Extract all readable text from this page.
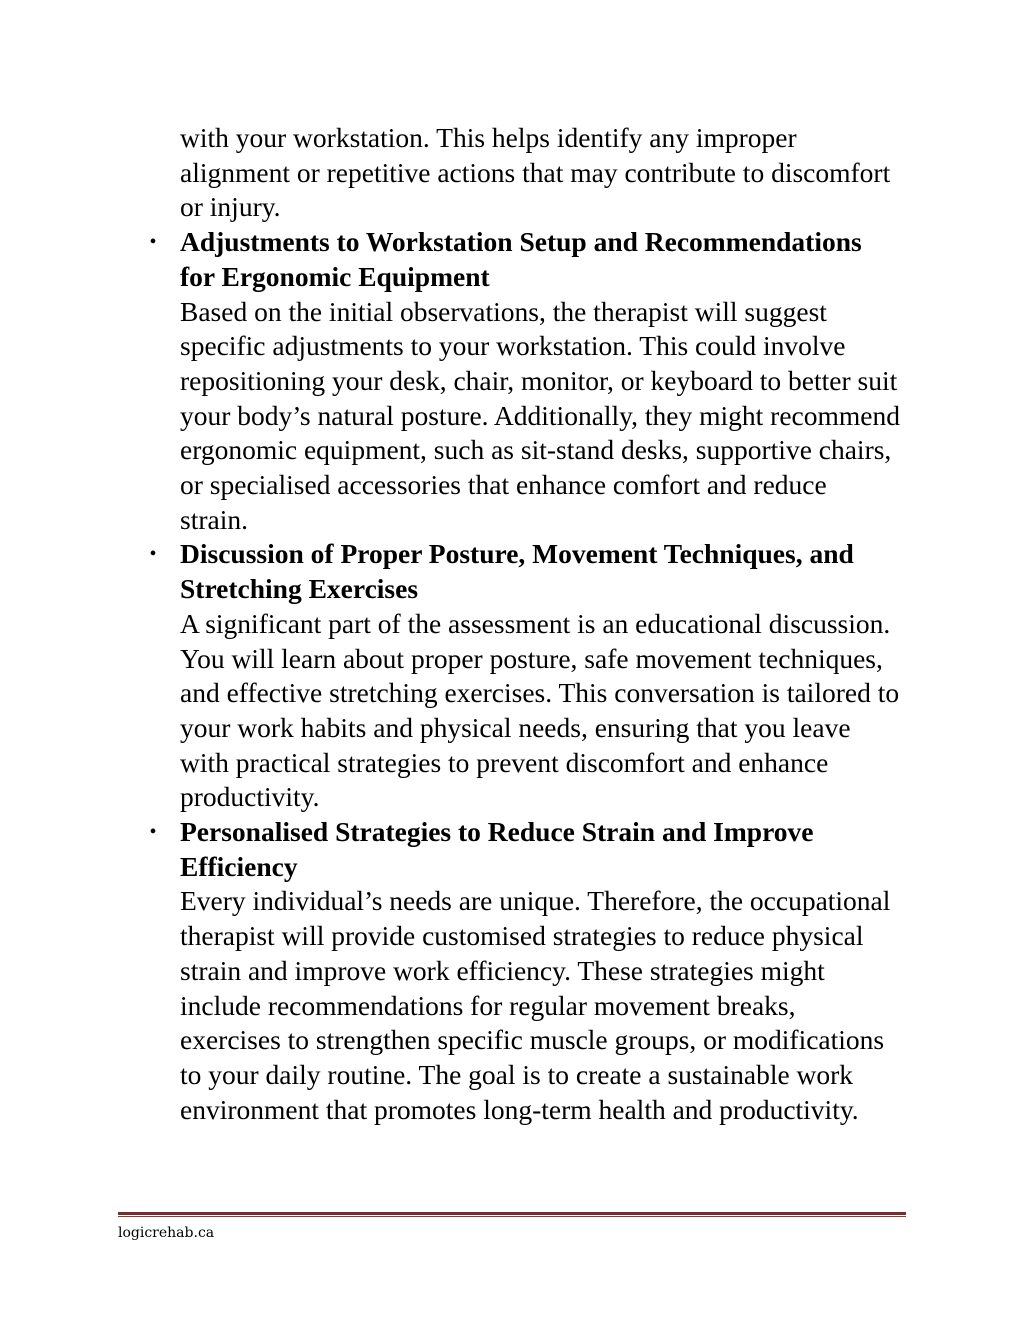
with your workstation. This helps identify any improper alignment or repetitive actions that may contribute to discomfort or injury.

• Adjustments to Workstation Setup and Recommendations for Ergonomic Equipment
Based on the initial observations, the therapist will suggest specific adjustments to your workstation. This could involve repositioning your desk, chair, monitor, or keyboard to better suit your body’s natural posture. Additionally, they might recommend ergonomic equipment, such as sit-stand desks, supportive chairs, or specialised accessories that enhance comfort and reduce strain.
• Discussion of Proper Posture, Movement Techniques, and Stretching Exercises
A significant part of the assessment is an educational discussion. You will learn about proper posture, safe movement techniques, and effective stretching exercises. This conversation is tailored to your work habits and physical needs, ensuring that you leave with practical strategies to prevent discomfort and enhance productivity.
• Personalised Strategies to Reduce Strain and Improve Efficiency
Every individual’s needs are unique. Therefore, the occupational therapist will provide customised strategies to reduce physical strain and improve work efficiency. These strategies might include recommendations for regular movement breaks, exercises to strengthen specific muscle groups, or modifications to your daily routine. The goal is to create a sustainable work environment that promotes long-term health and productivity.
logicrehab.ca
